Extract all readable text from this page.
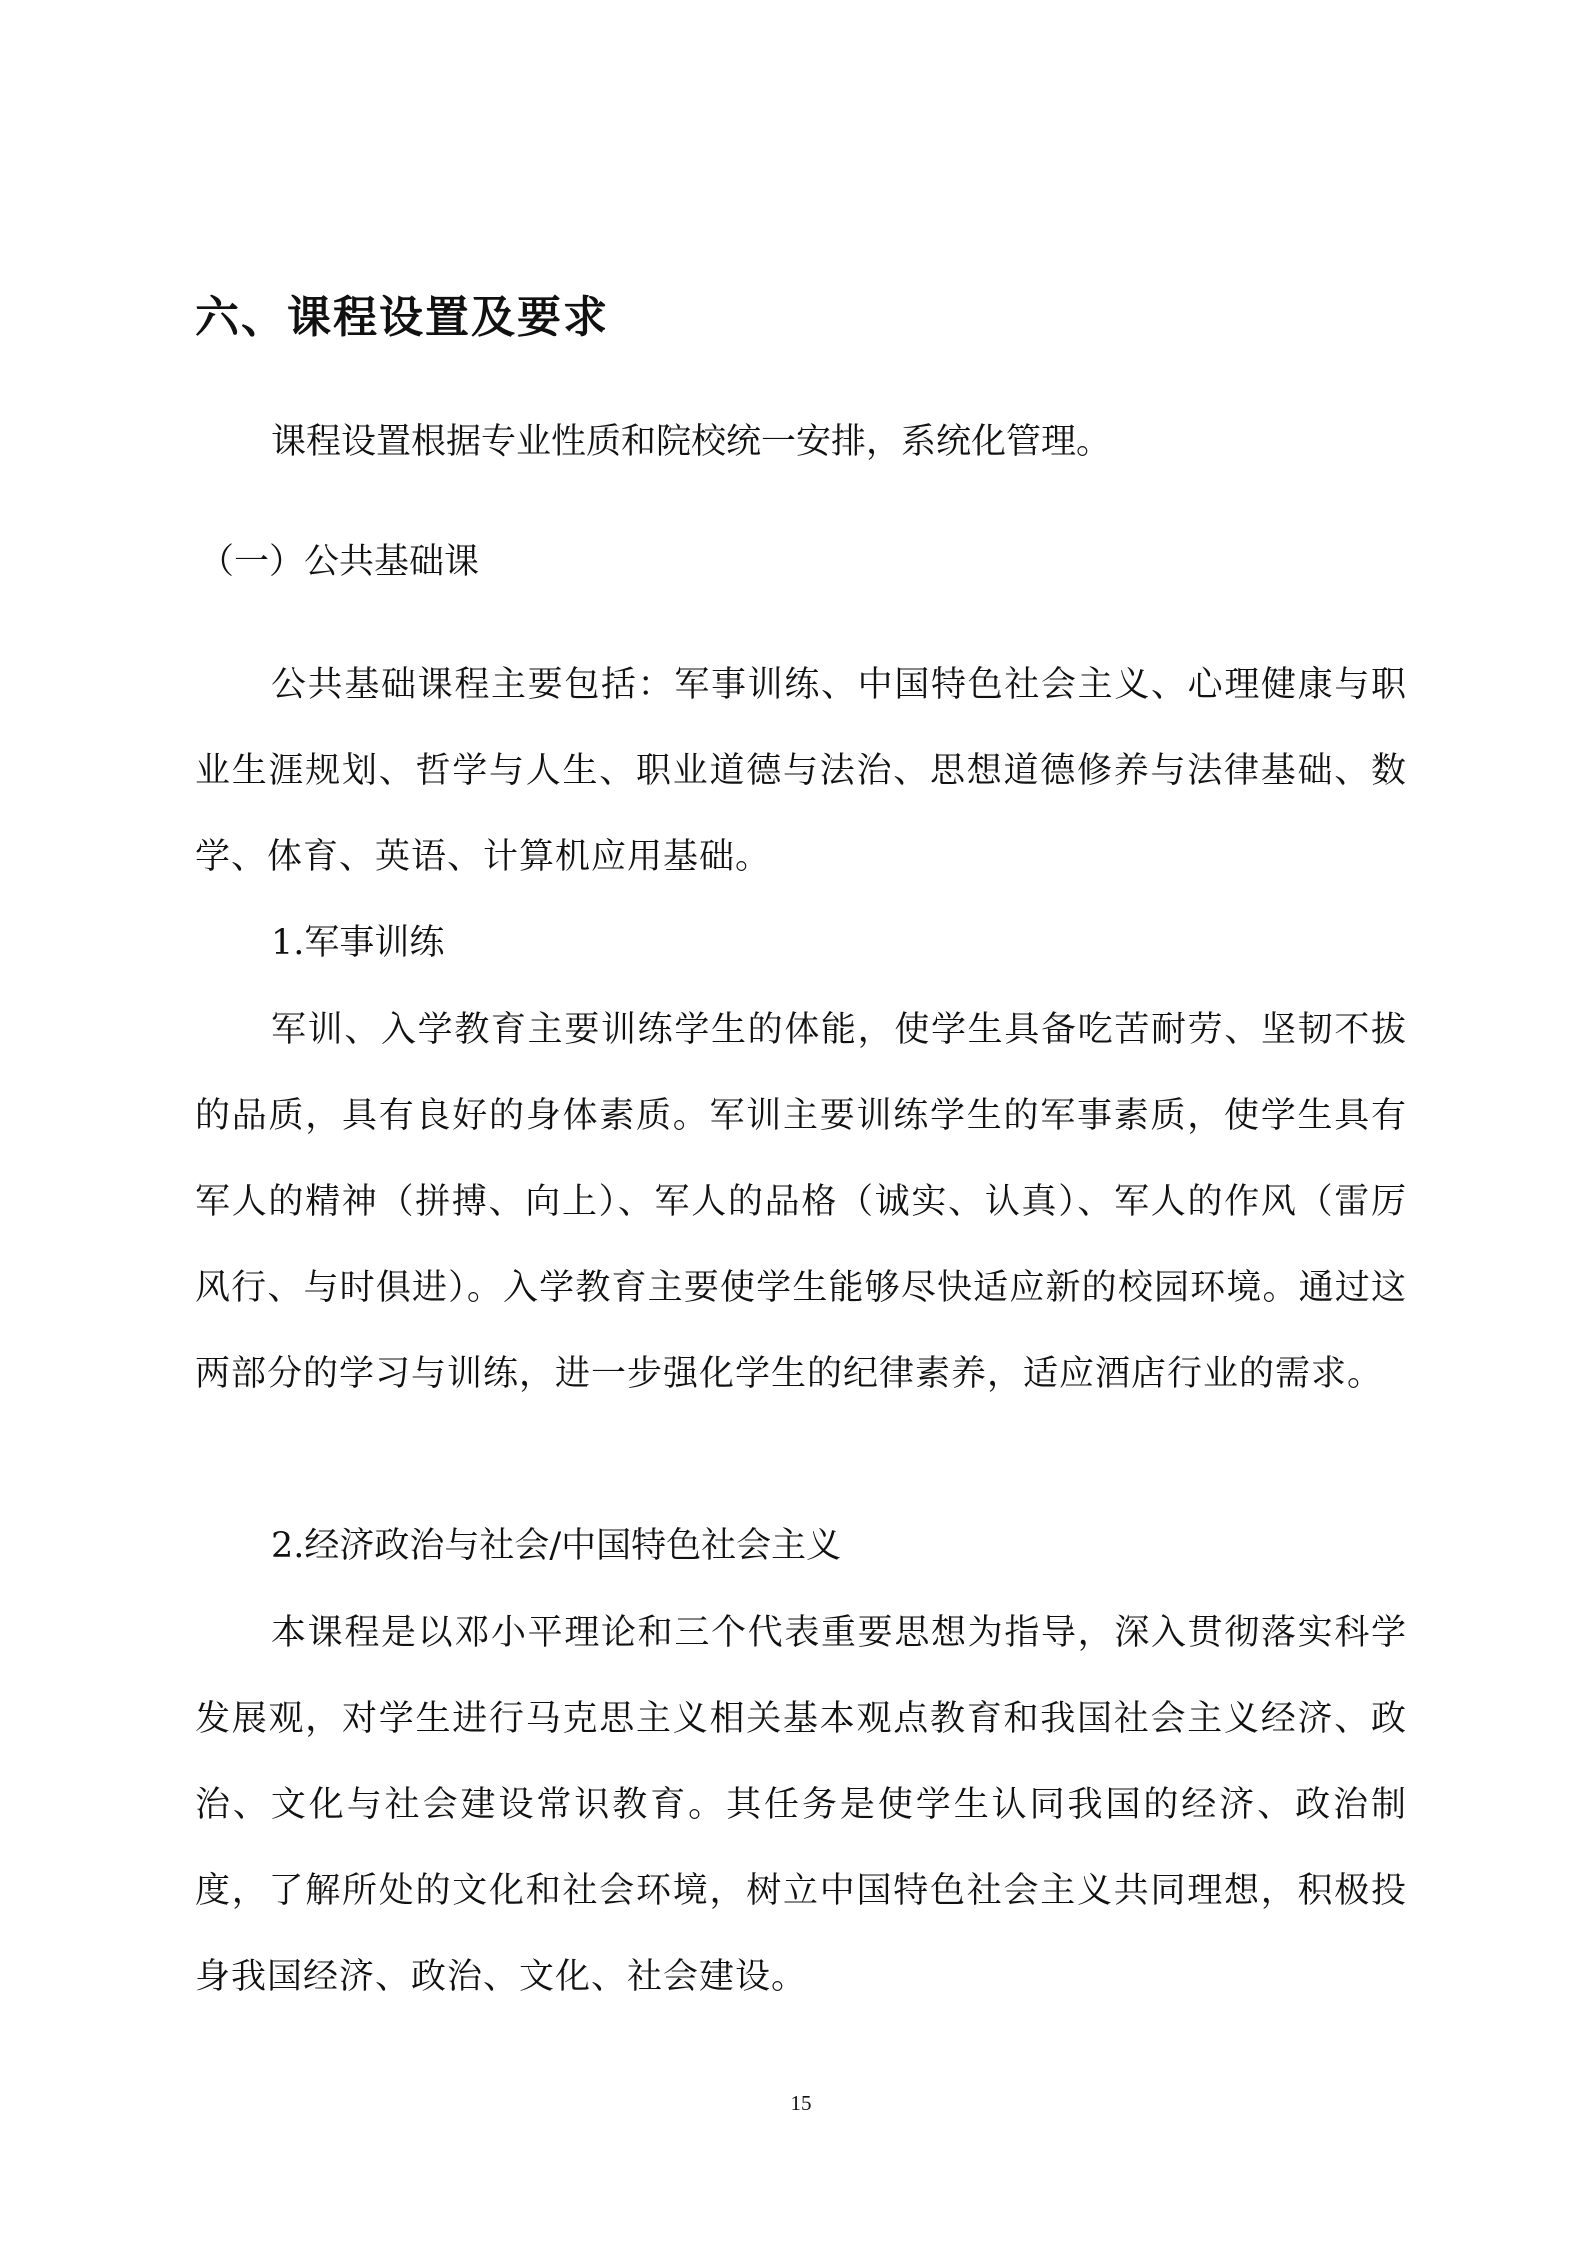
六、课程设置及要求
课程设置根据专业性质和院校统一安排，系统化管理。
（一）公共基础课
公共基础课程主要包括：军事训练、中国特色社会主义、心理健康与职业生涯规划、哲学与人生、职业道德与法治、思想道德修养与法律基础、数学、体育、英语、计算机应用基础。
1.军事训练
军训、入学教育主要训练学生的体能，使学生具备吃苦耐劳、坚韧不拔的品质，具有良好的身体素质。军训主要训练学生的军事素质，使学生具有军人的精神（拼搏、向上）、军人的品格（诚实、认真）、军人的作风（雷厉风行、与时俱进）。入学教育主要使学生能够尽快适应新的校园环境。通过这两部分的学习与训练，进一步强化学生的纪律素养，适应酒店行业的需求。
2.经济政治与社会/中国特色社会主义
本课程是以邓小平理论和三个代表重要思想为指导，深入贯彻落实科学发展观，对学生进行马克思主义相关基本观点教育和我国社会主义经济、政治、文化与社会建设常识教育。其任务是使学生认同我国的经济、政治制度，了解所处的文化和社会环境，树立中国特色社会主义共同理想，积极投身我国经济、政治、文化、社会建设。
15
